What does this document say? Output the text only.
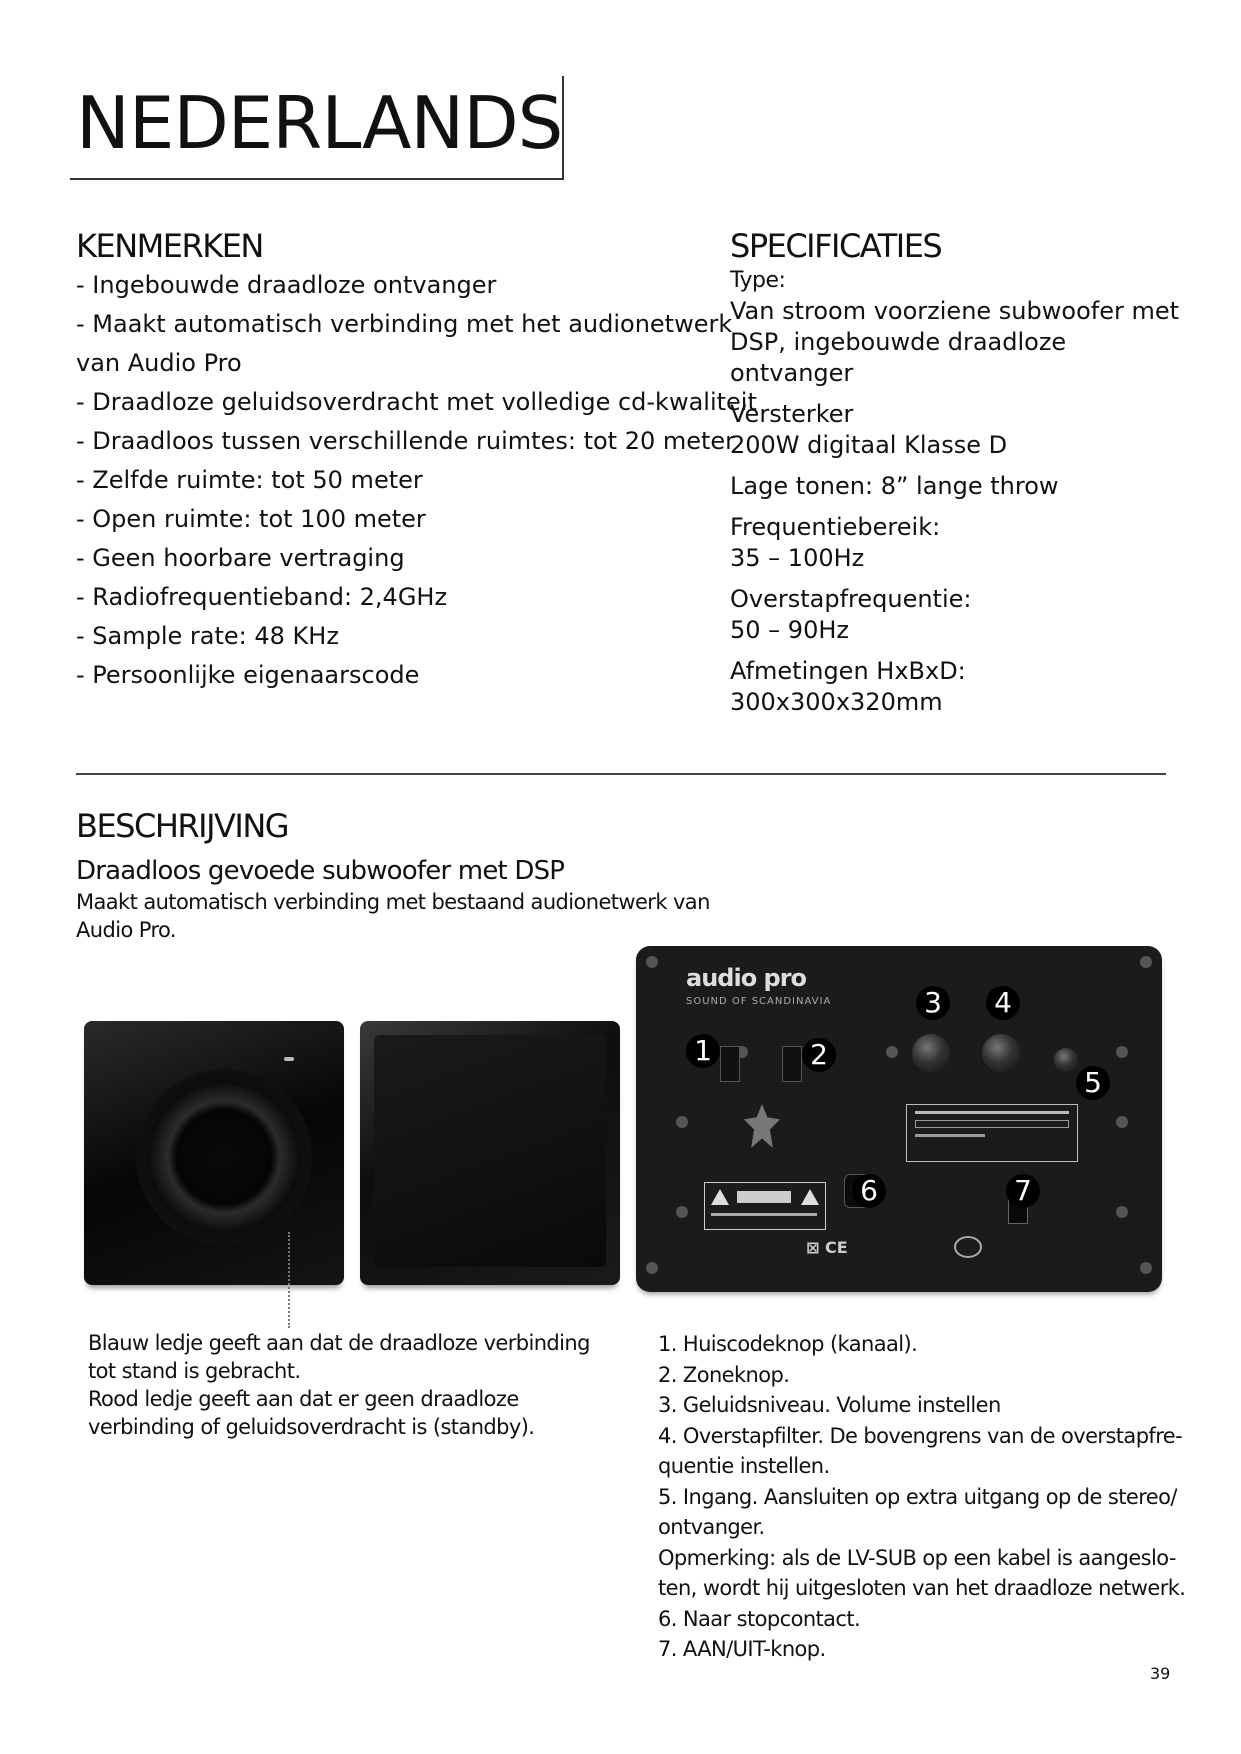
NEDERLANDS
KENMERKEN
- Ingebouwde draadloze ontvanger
- Maakt automatisch verbinding met het audionetwerk
van Audio Pro
- Draadloze geluidsoverdracht met volledige cd-kwaliteit
- Draadloos tussen verschillende ruimtes: tot 20 meter
- Zelfde ruimte: tot 50 meter
- Open ruimte: tot 100 meter
- Geen hoorbare vertraging
- Radiofrequentieband: 2,4GHz
- Sample rate: 48 KHz
- Persoonlijke eigenaarscode
SPECIFICATIES

Type:
Van stroom voorziene subwoofer met
DSP, ingebouwde draadloze ontvanger

Versterker
200W digitaal Klasse D

Lage tonen: 8” lange throw

Frequentiebereik:
35 – 100Hz

Overstapfrequentie:
50 – 90Hz

Afmetingen HxBxD:
300x300x320mm

BESCHRIJVING
Draadloos gevoede subwoofer met DSP
Maakt automatisch verbinding met bestaand audionetwerk van
Audio Pro.
audio pro
SOUND OF SCANDINAVIA
⊠ CE
1	2
3 4
5
6	7
Blauw ledje geeft aan dat de draadloze verbinding
tot stand is gebracht.
Rood ledje geeft aan dat er geen draadloze
verbinding of geluidsoverdracht is (standby).
1. Huiscodeknop (kanaal).
2. Zoneknop.
3. Geluidsniveau. Volume instellen
4. Overstapfilter. De bovengrens van de overstapfre-
quentie instellen.
5. Ingang. Aansluiten op extra uitgang op de stereo/
ontvanger.
Opmerking: als de LV-SUB op een kabel is aangeslo-
ten, wordt hij uitgesloten van het draadloze netwerk.
6. Naar stopcontact.
7. AAN/UIT-knop.
39
